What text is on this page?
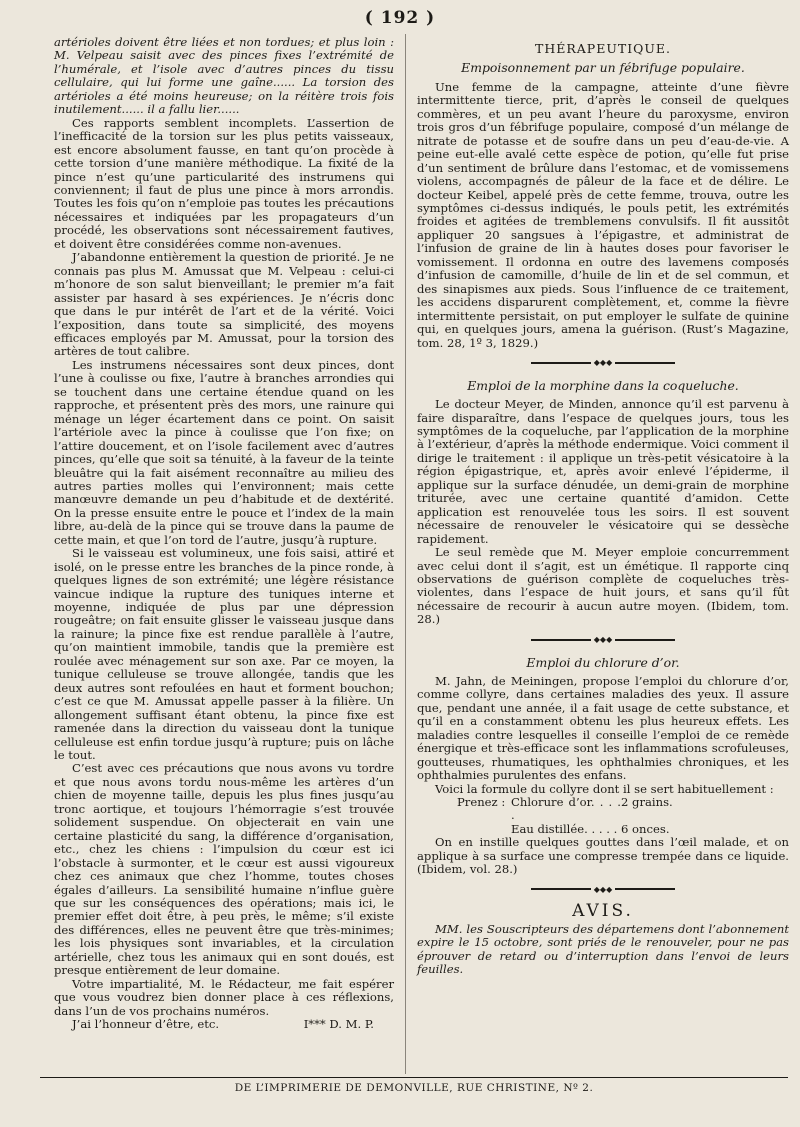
( 192 )

artérioles doivent être liées et non tordues; et plus loin : M. Velpeau saisit avec des pinces fixes l’extrémité de l’humérale, et l’isole avec d’autres pinces du tissu cellulaire, qui lui forme une gaîne...... La torsion des artérioles a été moins heureuse; on la réitère trois fois inutilement...... il a fallu lier......

Ces rapports semblent incomplets. L’assertion de l’inefficacité de la torsion sur les plus petits vaisseaux, est encore absolument fausse, en tant qu’on procède à cette torsion d’une manière méthodique. La fixité de la pince n’est qu’une particularité des instrumens qui conviennent; il faut de plus une pince à mors arrondis. Toutes les fois qu’on n’emploie pas toutes les précautions nécessaires et indiquées par les propagateurs d’un procédé, les observations sont nécessairement fautives, et doivent être considérées comme non-avenues.

J’abandonne entièrement la question de priorité. Je ne connais pas plus M. Amussat que M. Velpeau : celui-ci m’honore de son salut bienveillant; le premier m’a fait assister par hasard à ses expériences. Je n’écris donc que dans le pur intérêt de l’art et de la vérité. Voici l’exposition, dans toute sa simplicité, des moyens efficaces employés par M. Amussat, pour la torsion des artères de tout calibre.

Les instrumens nécessaires sont deux pinces, dont l’une à coulisse ou fixe, l’autre à branches arrondies qui se touchent dans une certaine étendue quand on les rapproche, et présentent près des mors, une rainure qui ménage un léger écartement dans ce point. On saisit l’artériole avec la pince à coulisse que l’on fixe; on l’attire doucement, et on l’isole facilement avec d’autres pinces, qu’elle que soit sa ténuité, à la faveur de la teinte bleuâtre qui la fait aisément reconnaître au milieu des autres parties molles qui l’environnent; mais cette manœuvre demande un peu d’habitude et de dextérité. On la presse ensuite entre le pouce et l’index de la main libre, au-delà de la pince qui se trouve dans la paume de cette main, et que l’on tord de l’autre, jusqu’à rupture.

Si le vaisseau est volumineux, une fois saisi, attiré et isolé, on le presse entre les branches de la pince ronde, à quelques lignes de son extrémité; une légère résistance vaincue indique la rupture des tuniques interne et moyenne, indiquée de plus par une dépression rougeâtre; on fait ensuite glisser le vaisseau jusque dans la rainure; la pince fixe est rendue parallèle à l’autre, qu’on maintient immobile, tandis que la première est roulée avec ménagement sur son axe. Par ce moyen, la tunique celluleuse se trouve allongée, tandis que les deux autres sont refoulées en haut et forment bouchon; c’est ce que M. Amussat appelle passer à la filière. Un allongement suffisant étant obtenu, la pince fixe est ramenée dans la direction du vaisseau dont la tunique celluleuse est enfin tordue jusqu’à rupture; puis on lâche le tout.

C’est avec ces précautions que nous avons vu tordre et que nous avons tordu nous-même les artères d’un chien de moyenne taille, depuis les plus fines jusqu’au tronc aortique, et toujours l’hémorragie s’est trouvée solidement suspendue. On objecterait en vain une certaine plasticité du sang, la différence d’organisation, etc., chez les chiens : l’impulsion du cœur est ici l’obstacle à surmonter, et le cœur est aussi vigoureux chez ces animaux que chez l’homme, toutes choses égales d’ailleurs. La sensibilité humaine n’influe guère que sur les conséquences des opérations; mais ici, le premier effet doit être, à peu près, le même; s’il existe des différences, elles ne peuvent être que très-minimes; les lois physiques sont invariables, et la circulation artérielle, chez tous les animaux qui en sont doués, est presque entièrement de leur domaine.

Votre impartialité, M. le Rédacteur, me fait espérer que vous voudrez bien donner place à ces réflexions, dans l’un de vos prochains numéros.

J’ai l’honneur d’être, etc.	I*** D. M. P.

THÉRAPEUTIQUE.
Empoisonnement par un fébrifuge populaire.

Une femme de la campagne, atteinte d’une fièvre intermittente tierce, prit, d’après le conseil de quelques commères, et un peu avant l’heure du paroxysme, environ trois gros d’un fébrifuge populaire, composé d’un mélange de nitrate de potasse et de soufre dans un peu d’eau-de-vie. A peine eut-elle avalé cette espèce de potion, qu’elle fut prise d’un sentiment de brûlure dans l’estomac, et de vomissemens violens, accompagnés de pâleur de la face et de délire. Le docteur Keibel, appelé près de cette femme, trouva, outre les symptômes ci-dessus indiqués, le pouls petit, les extrémités froides et agitées de tremblemens convulsifs. Il fit aussitôt appliquer 20 sangsues à l’épigastre, et administrat de l’infusion de graine de lin à hautes doses pour favoriser le vomissement. Il ordonna en outre des lavemens composés d’infusion de camomille, d’huile de lin et de sel commun, et des sinapismes aux pieds. Sous l’influence de ce traitement, les accidens disparurent complètement, et, comme la fièvre intermittente persistait, on put employer le sulfate de quinine qui, en quelques jours, amena la guérison. (Rust’s Magazine, tom. 28, 1º 3, 1829.)

◆◆◆
Emploi de la morphine dans la coqueluche.

Le docteur Meyer, de Minden, annonce qu’il est parvenu à faire disparaître, dans l’espace de quelques jours, tous les symptômes de la coqueluche, par l’application de la morphine à l’extérieur, d’après la méthode endermique. Voici comment il dirige le traitement : il applique un très-petit vésicatoire à la région épigastrique, et, après avoir enlevé l’épiderme, il applique sur la surface dénudée, un demi-grain de morphine triturée, avec une certaine quantité d’amidon. Cette application est renouvelée tous les soirs. Il est souvent nécessaire de renouveler le vésicatoire qui se dessèche rapidement.

Le seul remède que M. Meyer emploie concurremment avec celui dont il s’agit, est un émétique. Il rapporte cinq observations de guérison complète de coqueluches très-violentes, dans l’espace de huit jours, et sans qu’il fût nécessaire de recourir à aucun autre moyen. (Ibidem, tom. 28.)

◆◆◆
Emploi du chlorure d’or.

M. Jahn, de Meiningen, propose l’emploi du chlorure d’or, comme collyre, dans certaines maladies des yeux. Il assure que, pendant une année, il a fait usage de cette substance, et qu’il en a constamment obtenu les plus heureux effets. Les maladies contre lesquelles il conseille l’emploi de ce remède énergique et très-efficace sont les inflammations scrofuleuses, goutteuses, rhumatiques, les ophthalmies chroniques, et les ophthalmies purulentes des enfans.

Voici la formule du collyre dont il se sert habituellement :

Prenez : Chlorure d’or. . . . .
2 grains.
Eau distillée. . . . . 6 onces.

On en instille quelques gouttes dans l’œil malade, et on applique à sa surface une compresse trempée dans ce liquide. (Ibidem, vol. 28.)

◆◆◆
AVIS.

MM. les Souscripteurs des départemens dont l’abonnement expire le 15 octobre, sont priés de le renouveler, pour ne pas éprouver de retard ou d’interruption dans l’envoi de leurs feuilles.

DE L’IMPRIMERIE DE DEMONVILLE, RUE CHRISTINE, Nº 2.
